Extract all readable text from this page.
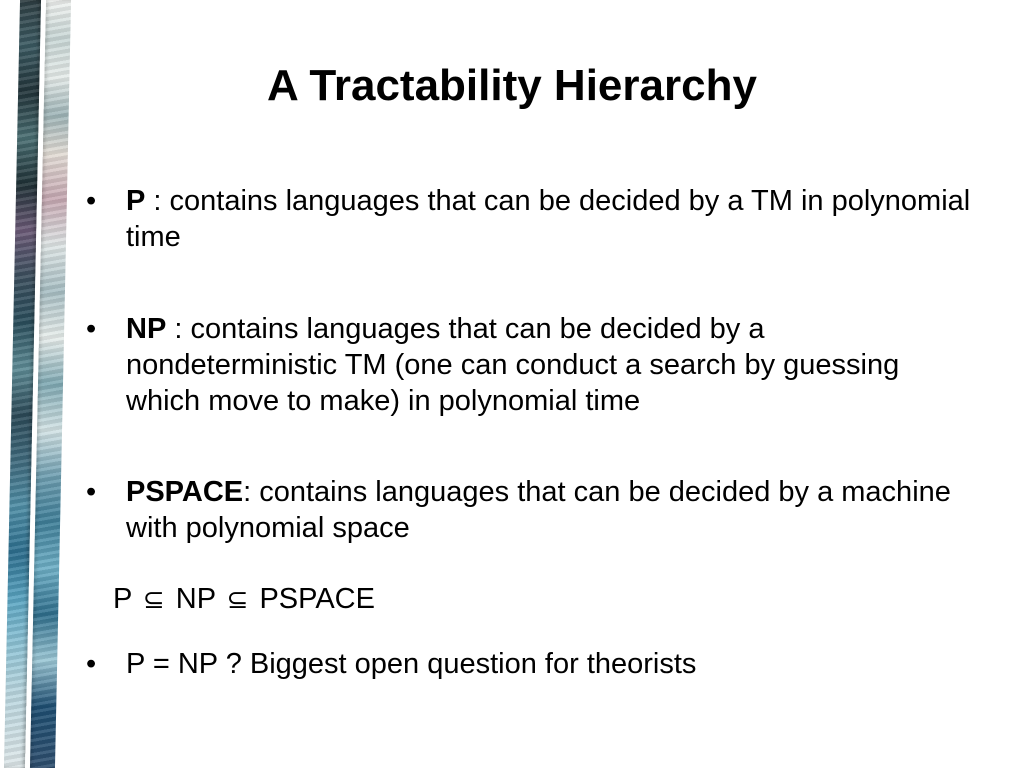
A Tractability Hierarchy
•	P : contains languages that can be decided by a TM in polynomial time
•	NP : contains languages that can be decided by a nondeterministic TM (one can conduct a search by guessing which move to make) in polynomial time
•	PSPACE: contains languages that can be decided by a machine with polynomial space
P ⊆ NP ⊆ PSPACE
•	P = NP ? Biggest open question for theorists
